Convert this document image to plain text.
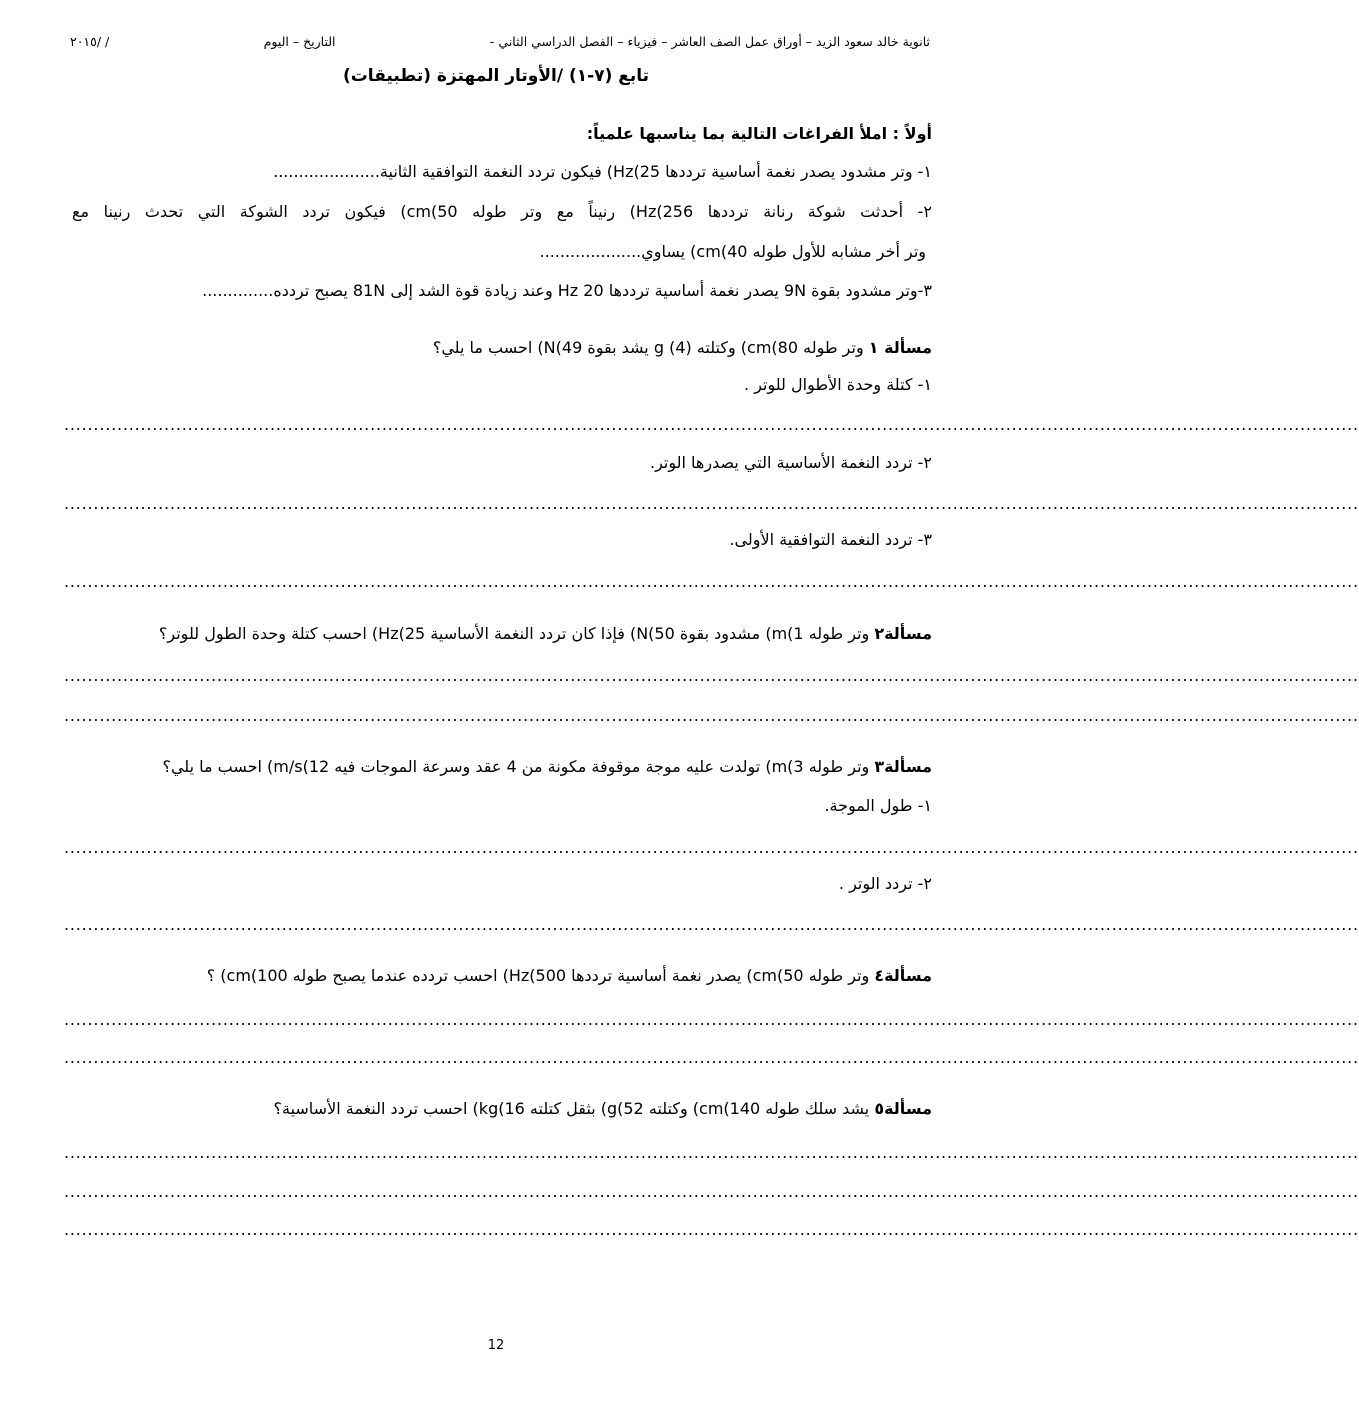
ثانوية خالد سعود الزيد – أوراق عمل الصف العاشر – فيزياء – الفصل الدراسي الثاني -
التاريخ – اليوم
/ /٢٠١٥
تابع (٧-١) /الأوتار المهتزة (تطبيقات)
أولاً : املأ الفراغات التالية بما يناسبها علمياً:
١- وتر مشدود يصدر نغمة أساسية ترددها 25)Hz) فيكون تردد النغمة التوافقية الثانية.....................
٢- أحدثت شوكة رنانة ترددها 256)Hz) رنيناً مع وتر طوله 50)cm) فيكون تردد الشوكة التي تحدث رنينا مع
وتر أخر مشابه للأول طوله 40)cm) يساوي....................
٣-وتر مشدود بقوة 9N يصدر نغمة أساسية ترددها 20 Hz وعند زيادة قوة الشد إلى 81N يصبح تردده..............
مسألة ١ وتر طوله 80)cm) وكتلته g (4) يشد بقوة 49)N) احسب ما يلي؟
١- كتلة وحدة الأطوال للوتر .
............................................................................................................................................................................................................................
٢- تردد النغمة الأساسية التي يصدرها الوتر.
............................................................................................................................................................................................................................
٣- تردد النغمة التوافقية الأولى.
............................................................................................................................................................................................................................
مسألة٢ وتر طوله 1)m) مشدود بقوة 50)N) فإذا كان تردد النغمة الأساسية 25)Hz) احسب كتلة وحدة الطول للوتر؟
............................................................................................................................................................................................................................
............................................................................................................................................................................................................................
مسألة٣ وتر طوله 3)m) تولدت عليه موجة موقوفة مكونة من 4 عقد وسرعة الموجات فيه 12)m/s) احسب ما يلي؟
١- طول الموجة.
............................................................................................................................................................................................................................
٢- تردد الوتر .
............................................................................................................................................................................................................................
مسألة٤ وتر طوله 50)cm) يصدر نغمة أساسية ترددها 500)Hz) احسب تردده عندما يصبح طوله 100)cm) ؟
............................................................................................................................................................................................................................
............................................................................................................................................................................................................................
مسألة٥ يشد سلك طوله 140)cm) وكتلته 52)g) بثقل كتلته 16)kg) احسب تردد النغمة الأساسية؟
............................................................................................................................................................................................................................
............................................................................................................................................................................................................................
............................................................................................................................................................................................................................
12
